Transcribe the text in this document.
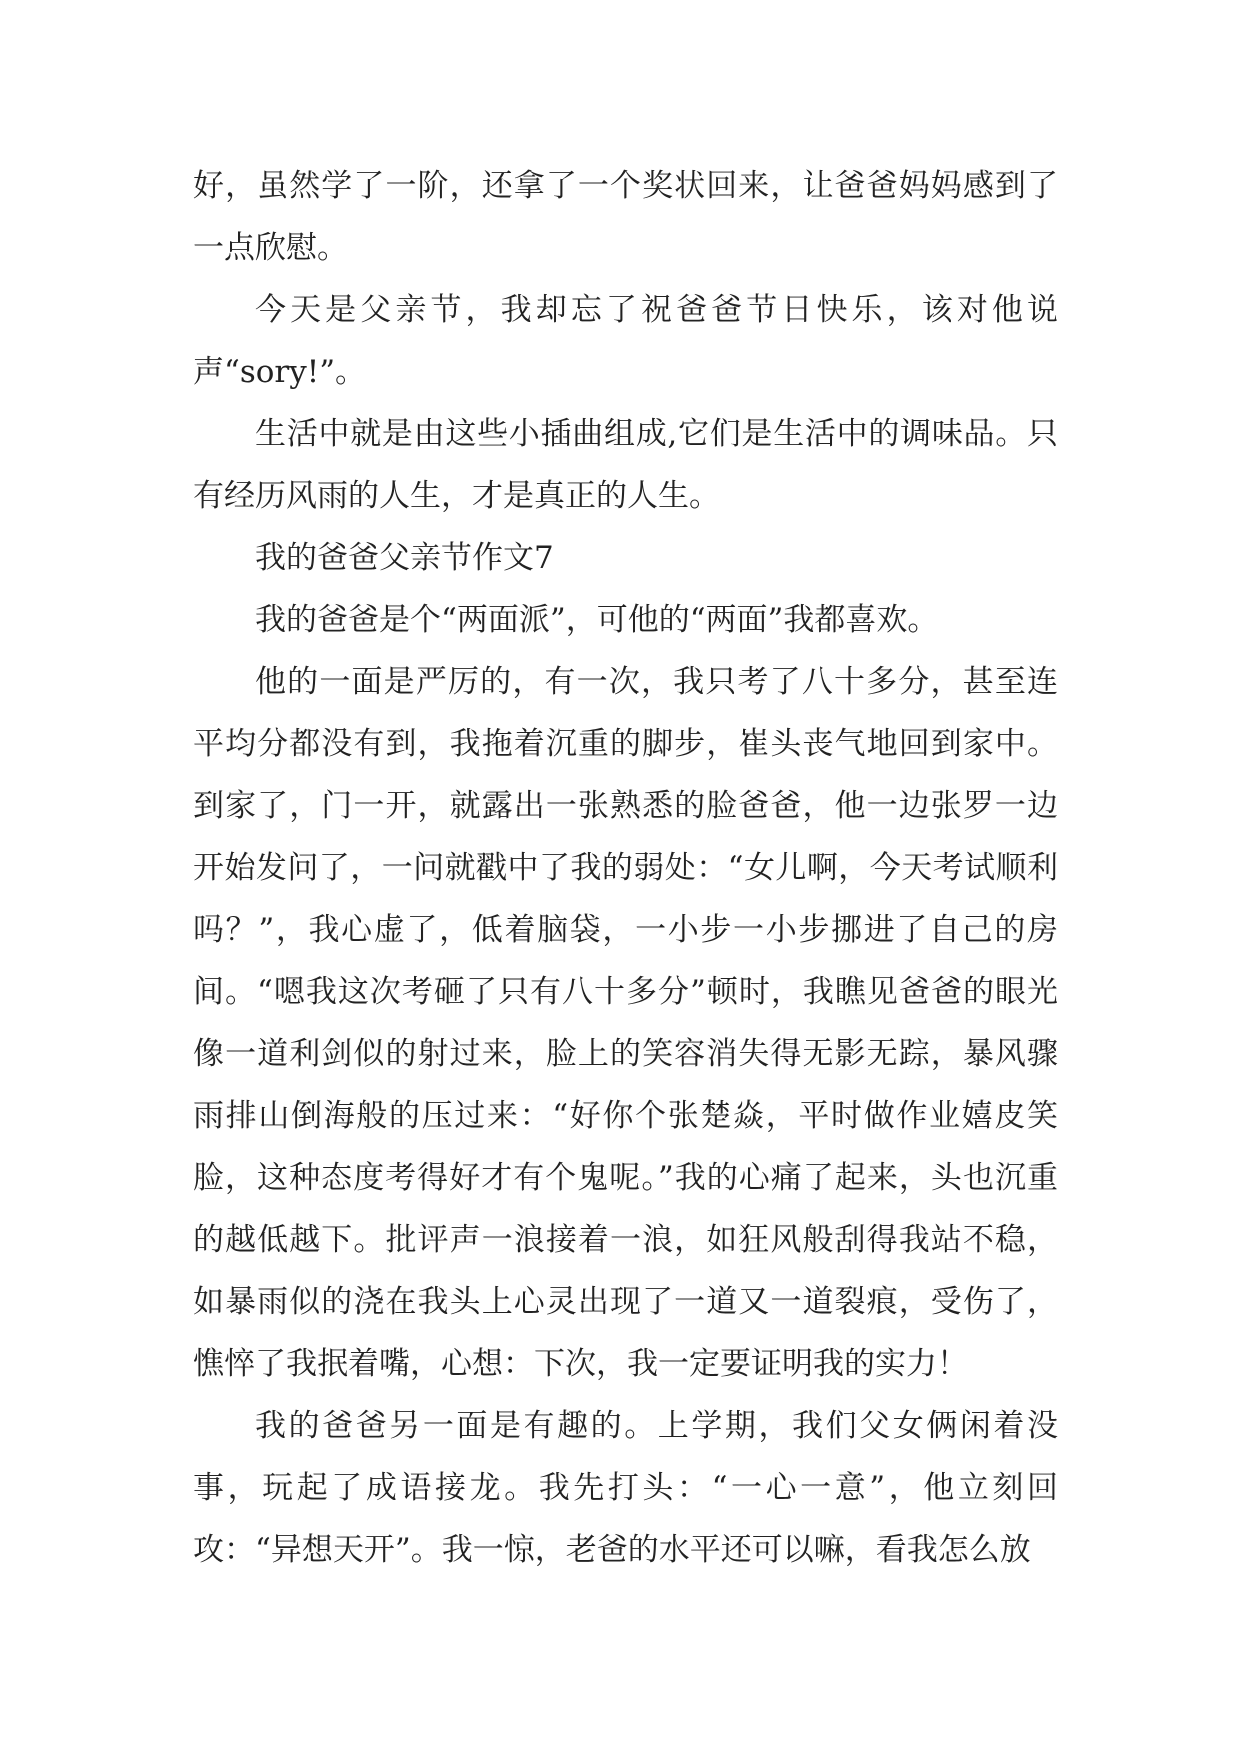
好，虽然学了一阶，还拿了一个奖状回来，让爸爸妈妈感到了一点欣慰。

今天是父亲节，我却忘了祝爸爸节日快乐，该对他说声“sory!”。

生活中就是由这些小插曲组成,它们是生活中的调味品。只有经历风雨的人生，才是真正的人生。

我的爸爸父亲节作文7

我的爸爸是个“两面派”，可他的“两面”我都喜欢。

他的一面是严厉的，有一次，我只考了八十多分，甚至连平均分都没有到，我拖着沉重的脚步，崔头丧气地回到家中。到家了，门一开，就露出一张熟悉的脸爸爸，他一边张罗一边开始发问了，一问就戳中了我的弱处：“女儿啊，今天考试顺利吗？”，我心虚了，低着脑袋，一小步一小步挪进了自己的房间。“嗯我这次考砸了只有八十多分”顿时，我瞧见爸爸的眼光像一道利剑似的射过来，脸上的笑容消失得无影无踪，暴风骤雨排山倒海般的压过来：“好你个张楚焱，平时做作业嬉皮笑脸，这种态度考得好才有个鬼呢。”我的心痛了起来，头也沉重的越低越下。批评声一浪接着一浪，如狂风般刮得我站不稳，如暴雨似的浇在我头上心灵出现了一道又一道裂痕，受伤了，憔悴了我抿着嘴，心想：下次，我一定要证明我的实力！

我的爸爸另一面是有趣的。上学期，我们父女俩闲着没事，玩起了成语接龙。我先打头：“一心一意”，他立刻回攻：“异想天开”。我一惊，老爸的水平还可以嘛，看我怎么放
